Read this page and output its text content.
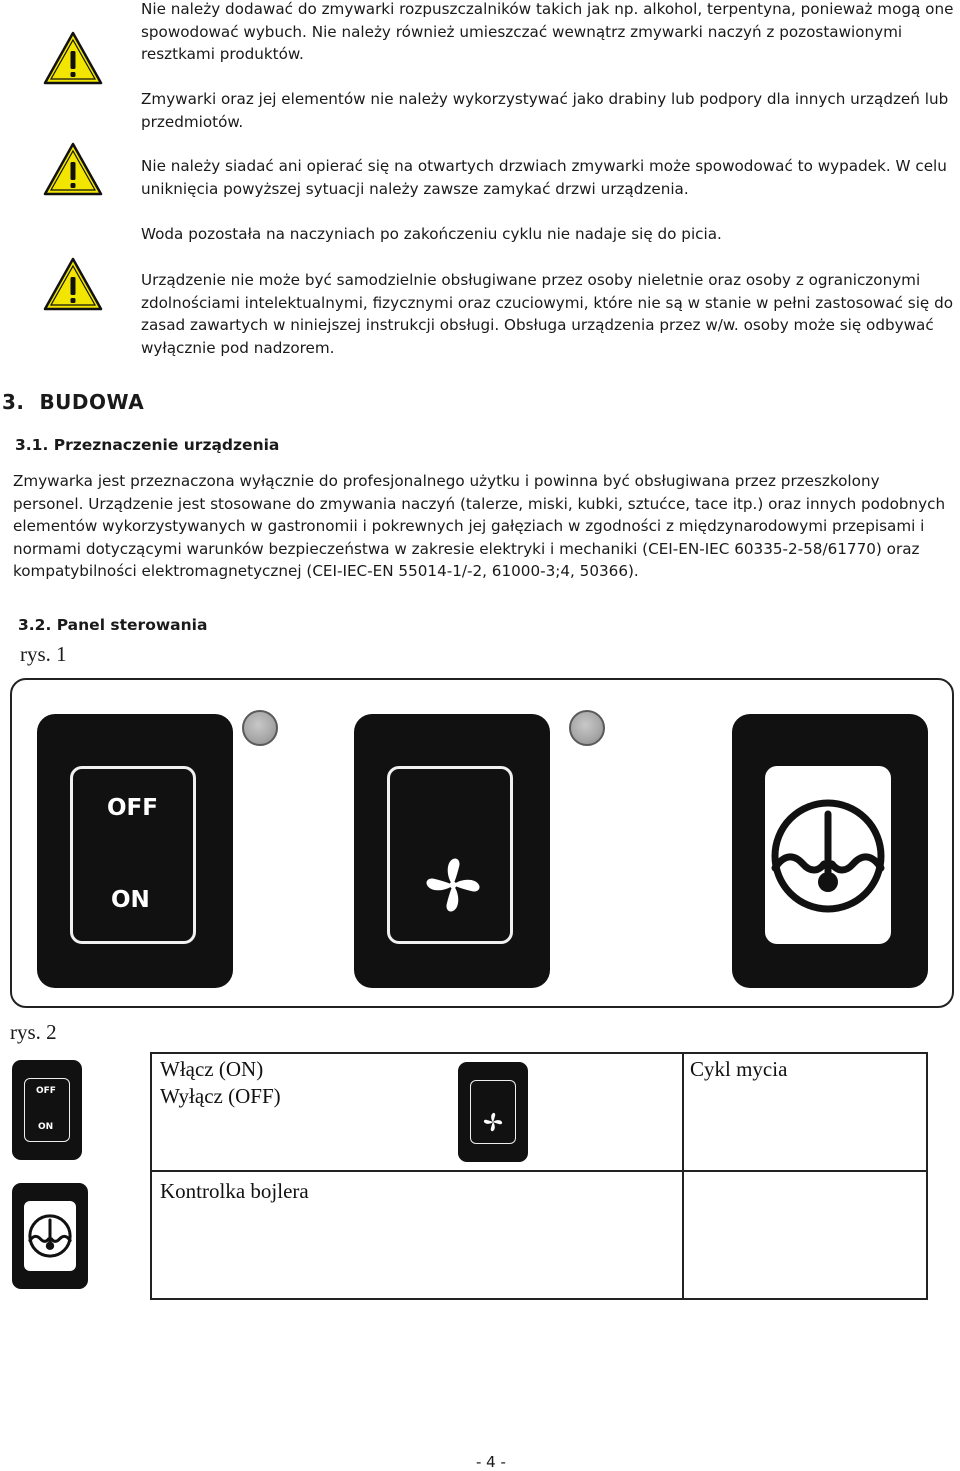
Nie należy dodawać do zmywarki rozpuszczalników takich jak np. alkohol, terpentyna, ponieważ mogą one spowodować wybuch. Nie należy również umieszczać wewnątrz zmywarki naczyń z pozostawionymi resztkami produktów.

Zmywarki oraz jej elementów nie należy wykorzystywać jako drabiny lub podpory dla innych urządzeń lub przedmiotów.

Nie należy siadać ani opierać się na otwartych drzwiach zmywarki może spowodować to wypadek. W celu uniknięcia powyższej sytuacji należy zawsze zamykać drzwi urządzenia.

Woda pozostała na naczyniach po zakończeniu cyklu nie nadaje się do picia.

Urządzenie nie może być samodzielnie obsługiwane przez osoby nieletnie oraz osoby z ograniczonymi zdolnościami intelektualnymi, fizycznymi oraz czuciowymi, które nie są w stanie w pełni zastosować się do zasad zawartych w niniejszej instrukcji obsługi. Obsługa urządzenia przez w/w. osoby może się odbywać wyłącznie pod nadzorem.

3.  BUDOWA
3.1. Przeznaczenie urządzenia

Zmywarka jest przeznaczona wyłącznie do profesjonalnego użytku i powinna być obsługiwana przez przeszkolony personel. Urządzenie jest stosowane do zmywania naczyń (talerze, miski, kubki, sztućce, tace itp.) oraz innych podobnych elementów wykorzystywanych w gastronomii i pokrewnych jej gałęziach w zgodności z międzynarodowymi przepisami i normami dotyczącymi warunków bezpieczeństwa w zakresie elektryki i mechaniki (CEI-EN-IEC 60335-2-58/61770) oraz kompatybilności elektromagnetycznej (CEI-IEC-EN 55014-1/-2, 61000-3;4, 50366).

3.2. Panel sterowania
rys. 1
OFF
ON
rys. 2
OFF
ON
Włącz (ON)
Wyłącz (OFF)	Cykl mycia

Kontrolka bojlera	

- 4 -
